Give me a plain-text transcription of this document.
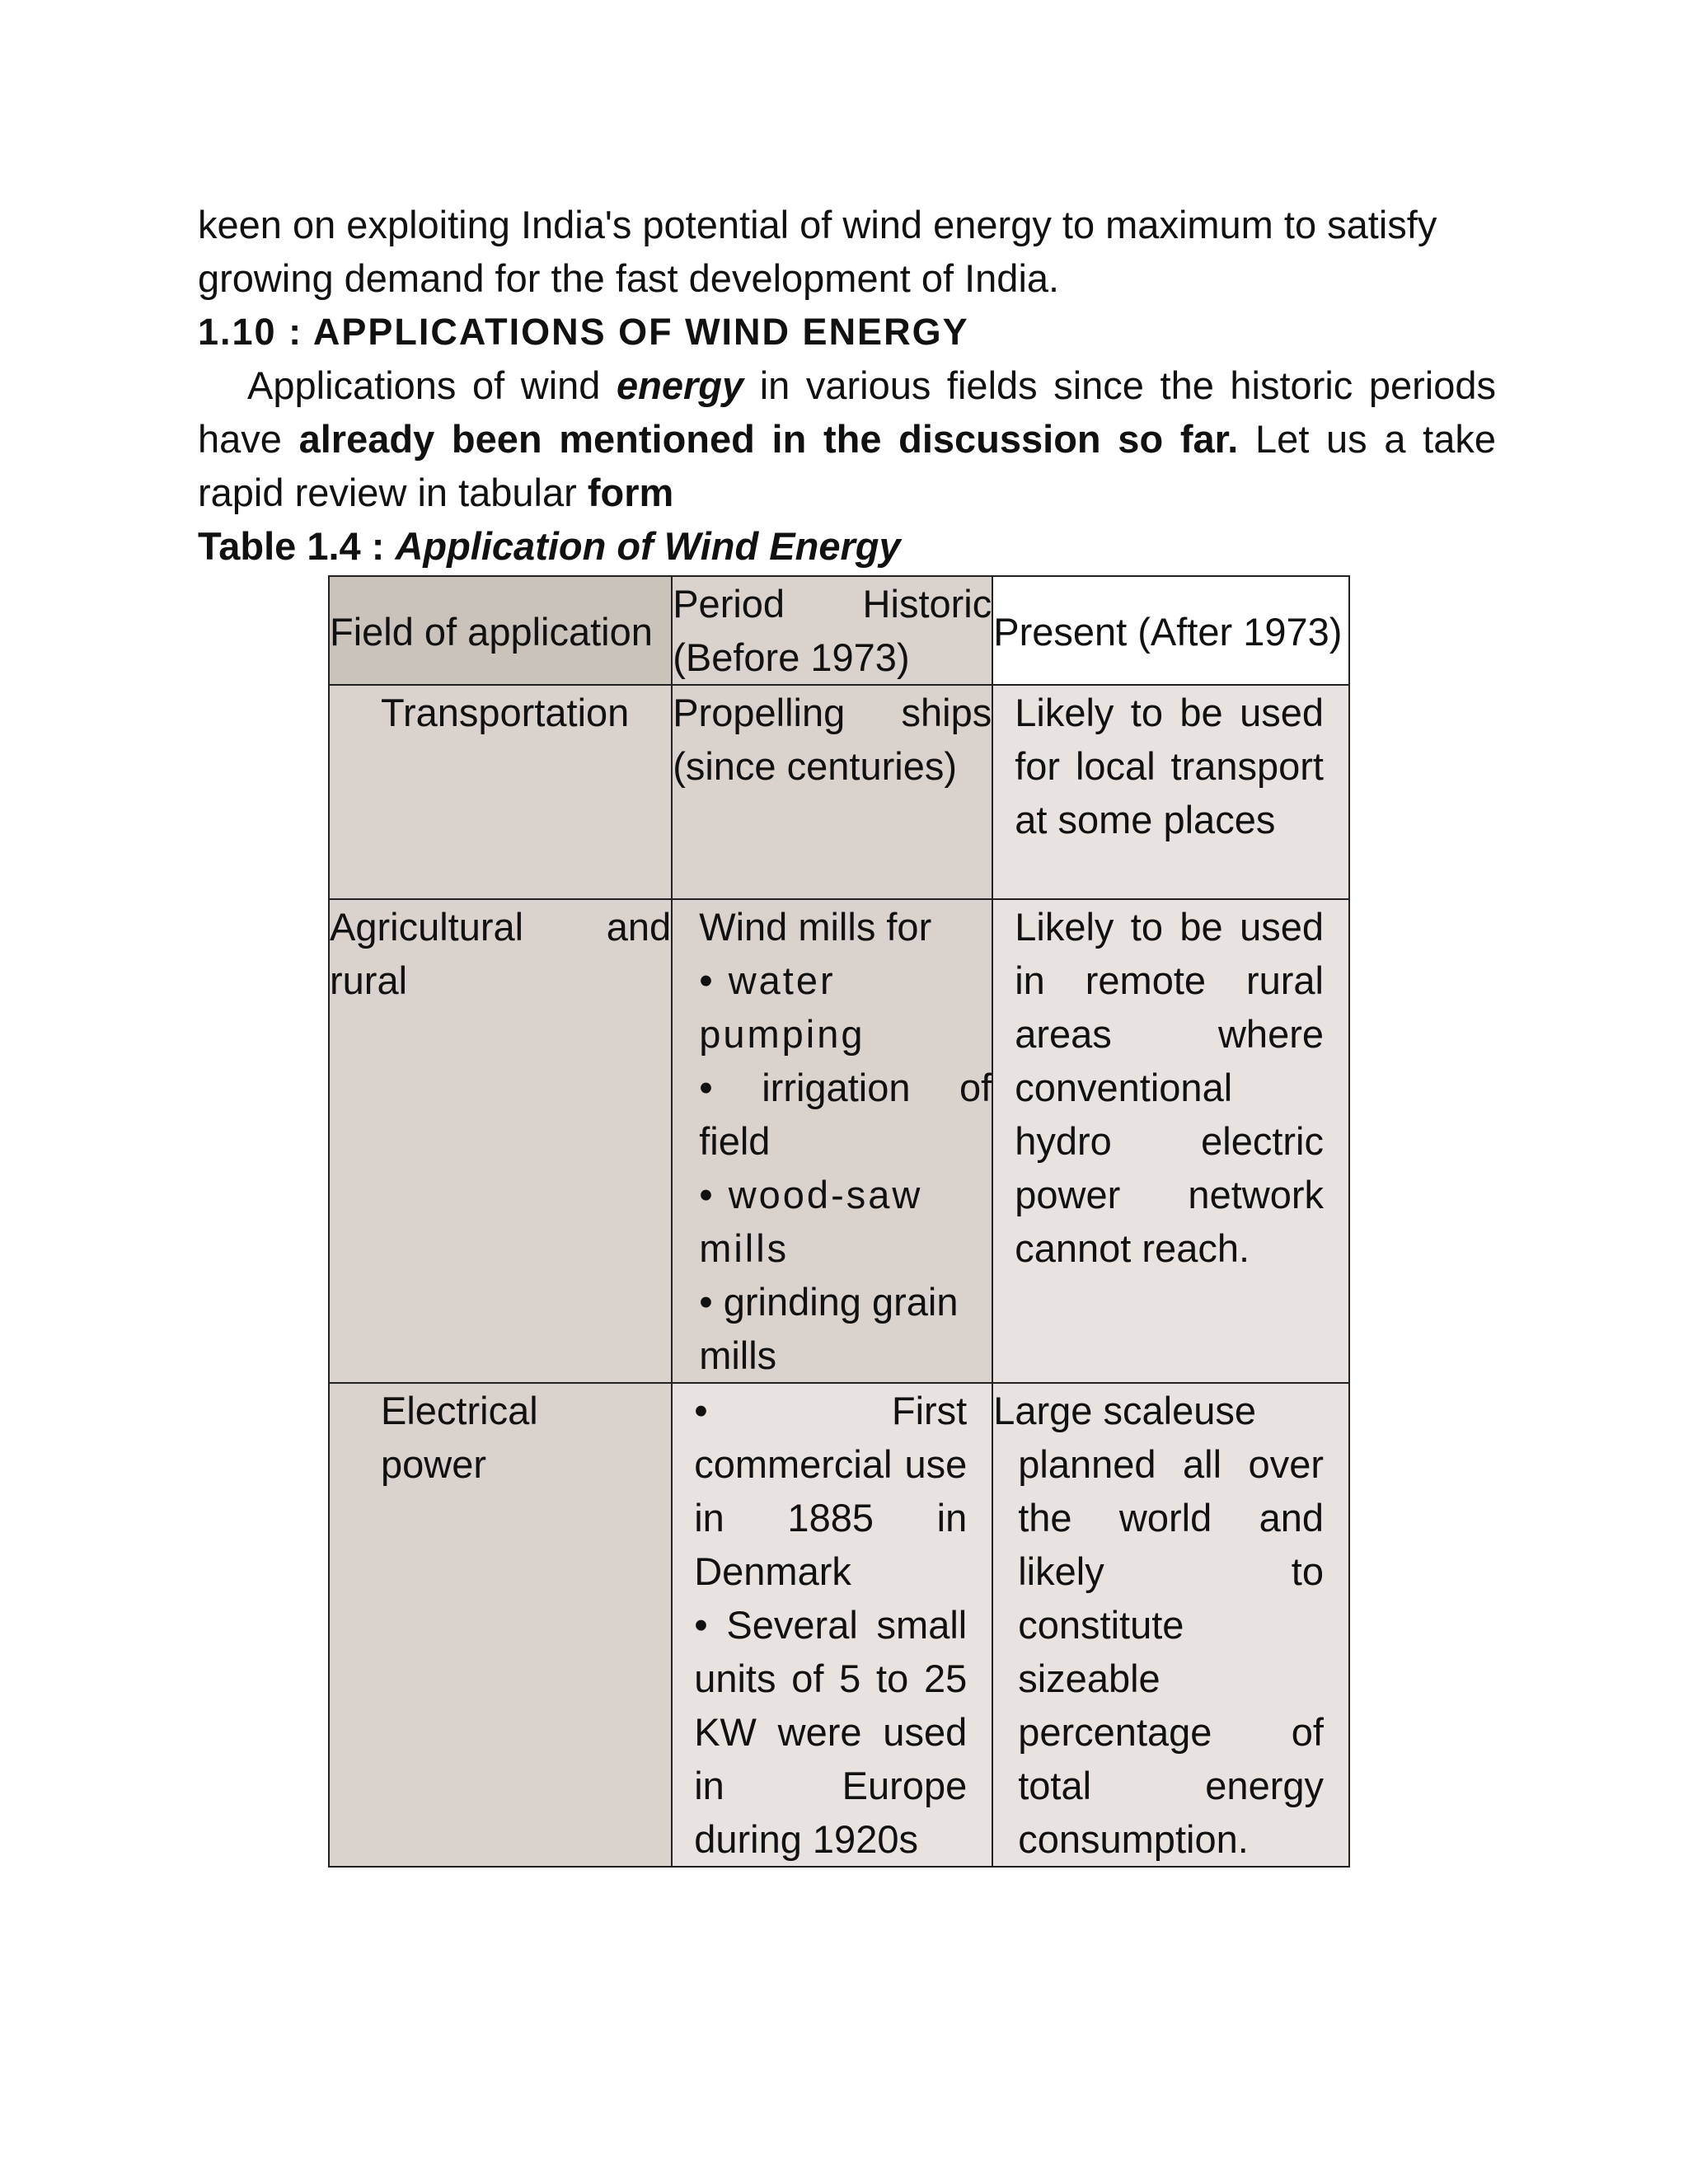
keen on exploiting India's potential of wind energy to maximum to satisfy

growing demand for the fast development of India.

1.10 : APPLICATIONS OF WIND ENERGY

Applications of wind energy in various fields since the historic periods have already been mentioned in the discussion so far. Let us a take rapid review in tabular form

Table 1.4 : Application of Wind Energy

Field of application	Period Historic (Before 1973)	Present (After 1973)

Transportation	Propelling ships (since centuries)	Likely to be used for local transport at some places

Agricultural and rural	Wind mills for
• water pumping
• irrigation of field
• wood-saw mills
• grinding grain mills	Likely to be used in remote rural areas where conventional hydro electric power network cannot reach.

Electrical power	• First commercial use in 1885 in Denmark
• Several small units of 5 to 25 KW were used in Europe during 1920s	Large scaleuse
planned all over the world and likely to constitute sizeable percentage of total energy consumption.
